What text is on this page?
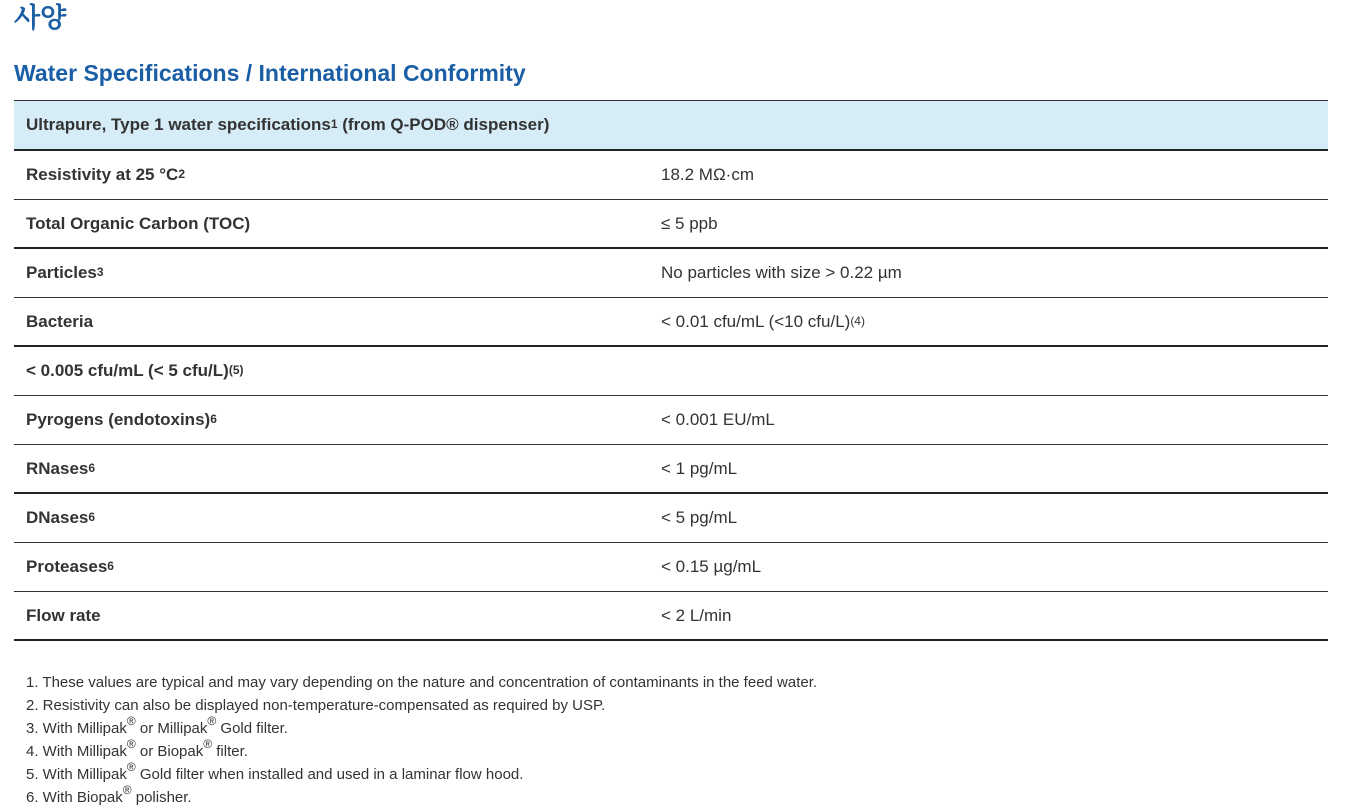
사양
Water Specifications / International Conformity
Ultrapure, Type 1 water specifications$^1$ (from Q-POD® dispenser)
Resistivity at 25 $^\circ C^2$	18.2 MΩ·cm
Total Organic Carbon (TOC)	≤ 5 ppb
Particles$^3$	No particles with size > 0.22 µm
Bacteria	< 0.01 cfu/mL (<10 cfu/L)$^{(4)}$
< 0.005 cfu/mL (< 5 cfu/L)$^{(5)}$
Pyrogens (endotoxins)$^6$	< 0.001 EU/mL
RNases$^6$	< 1 pg/mL
DNases$^6$	< 5 pg/mL
Proteases$^6$	< 0.15 µg/mL
Flow rate	< 2 L/min
1. These values are typical and may vary depending on the nature and concentration of contaminants in the feed water.
2. Resistivity can also be displayed non-temperature-compensated as required by USP.
3. With Millipak® or Millipak® Gold filter.
4. With Millipak® or Biopak® filter.
5. With Millipak® Gold filter when installed and used in a laminar flow hood.
6. With Biopak® polisher.
